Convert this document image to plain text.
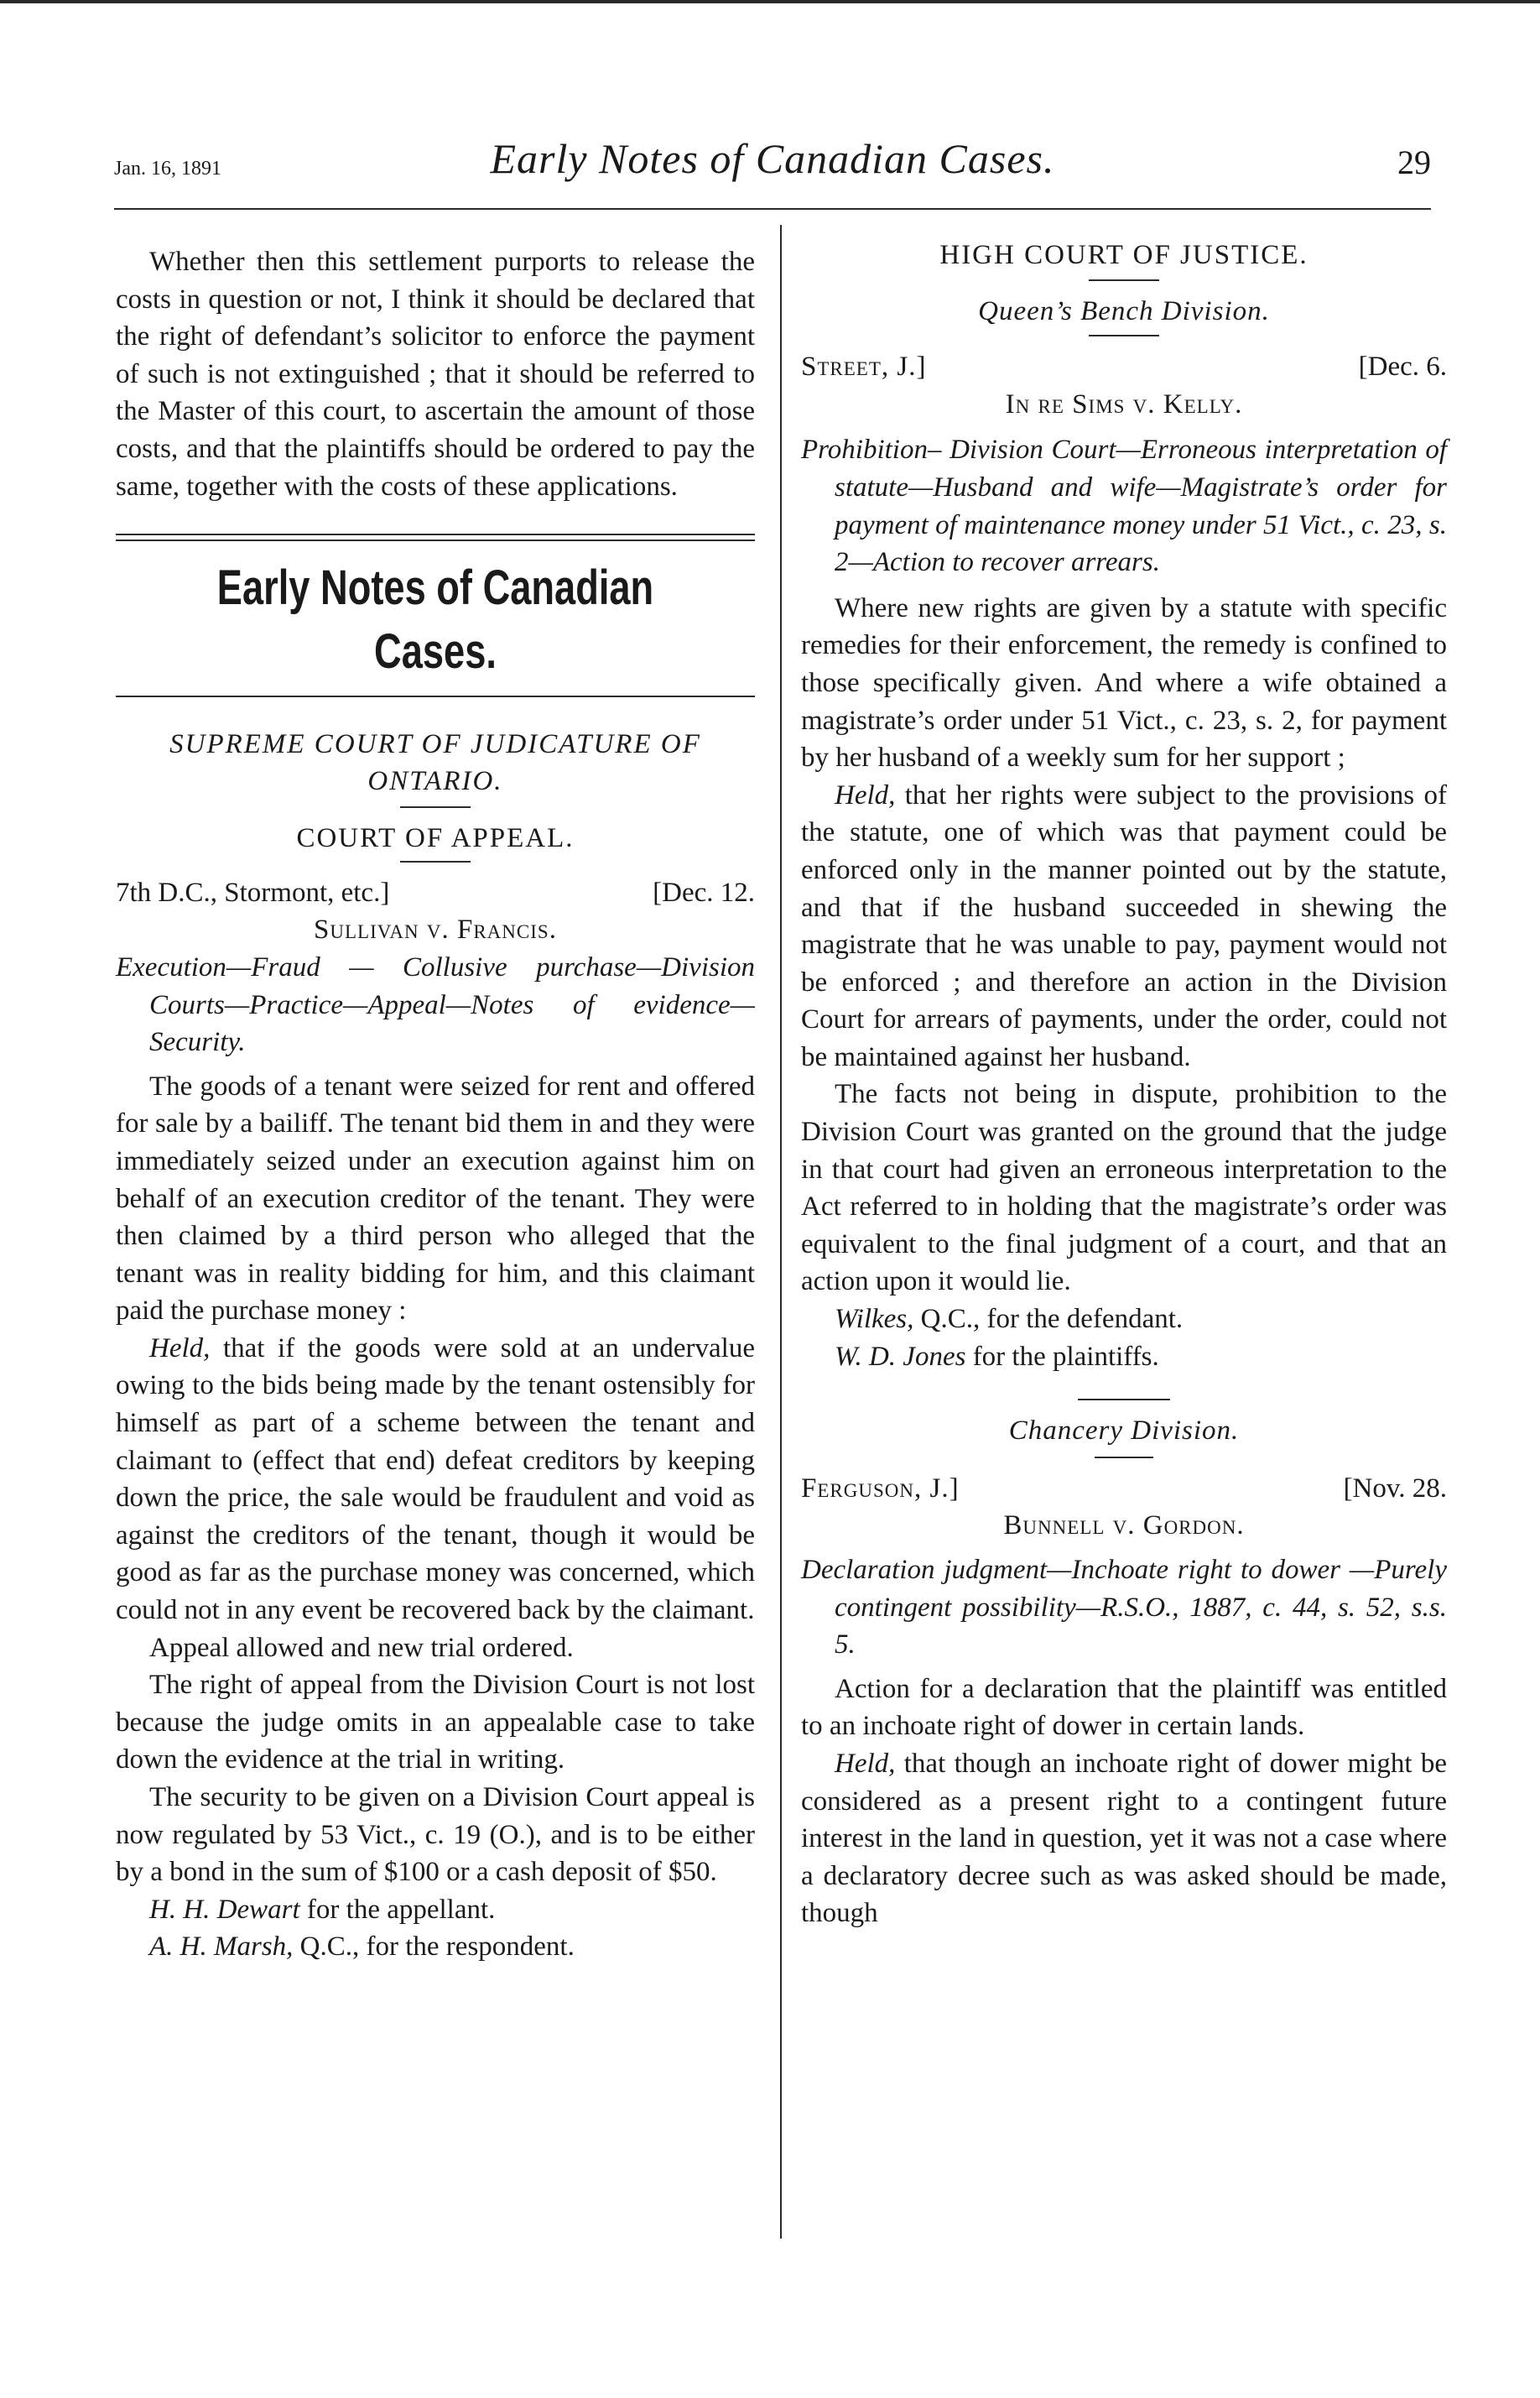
Jan. 16, 1891	Early Notes of Canadian Cases.	29

Whether then this settlement purports to release the costs in question or not, I think it should be declared that the right of defendant’s solicitor to enforce the payment of such is not extinguished ; that it should be referred to the Master of this court, to ascertain the amount of those costs, and that the plaintiffs should be ordered to pay the same, together with the costs of these applications.

Early Notes of Canadian Cases.

SUPREME COURT OF JUDICATURE OF ONTARIO.

COURT OF APPEAL.

7th D.C., Stormont, etc.]	[Dec. 12.

Sullivan v. Francis.

Execution—Fraud — Collusive purchase—Division Courts—Practice—Appeal—Notes of evidence— Security.

The goods of a tenant were seized for rent and offered for sale by a bailiff. The tenant bid them in and they were immediately seized under an execution against him on behalf of an execution creditor of the tenant. They were then claimed by a third person who alleged that the tenant was in reality bidding for him, and this claimant paid the purchase money :

Held, that if the goods were sold at an undervalue owing to the bids being made by the tenant ostensibly for himself as part of a scheme between the tenant and claimant to (effect that end) defeat creditors by keeping down the price, the sale would be fraudulent and void as against the creditors of the tenant, though it would be good as far as the purchase money was concerned, which could not in any event be recovered back by the claimant.

Appeal allowed and new trial ordered.

The right of appeal from the Division Court is not lost because the judge omits in an appealable case to take down the evidence at the trial in writing.

The security to be given on a Division Court appeal is now regulated by 53 Vict., c. 19 (O.), and is to be either by a bond in the sum of $100 or a cash deposit of $50.

H. H. Dewart for the appellant.

A. H. Marsh, Q.C., for the respondent.

HIGH COURT OF JUSTICE.

Queen’s Bench Division.

Street, J.]	[Dec. 6.

In re Sims v. Kelly.

Prohibition– Division Court—Erroneous interpretation of statute—Husband and wife—Magistrate’s order for payment of maintenance money under 51 Vict., c. 23, s. 2—Action to recover arrears.

Where new rights are given by a statute with specific remedies for their enforcement, the remedy is confined to those specifically given. And where a wife obtained a magistrate’s order under 51 Vict., c. 23, s. 2, for payment by her husband of a weekly sum for her support ;

Held, that her rights were subject to the provisions of the statute, one of which was that payment could be enforced only in the manner pointed out by the statute, and that if the husband succeeded in shewing the magistrate that he was unable to pay, payment would not be enforced ; and therefore an action in the Division Court for arrears of payments, under the order, could not be maintained against her husband.

The facts not being in dispute, prohibition to the Division Court was granted on the ground that the judge in that court had given an erroneous interpretation to the Act referred to in holding that the magistrate’s order was equivalent to the final judgment of a court, and that an action upon it would lie.

Wilkes, Q.C., for the defendant.

W. D. Jones for the plaintiffs.

Chancery Division.

Ferguson, J.]	[Nov. 28.

Bunnell v. Gordon.

Declaration judgment—Inchoate right to dower —Purely contingent possibility—R.S.O., 1887, c. 44, s. 52, s.s. 5.

Action for a declaration that the plaintiff was entitled to an inchoate right of dower in certain lands.

Held, that though an inchoate right of dower might be considered as a present right to a contingent future interest in the land in question, yet it was not a case where a declaratory decree such as was asked should be made, though
